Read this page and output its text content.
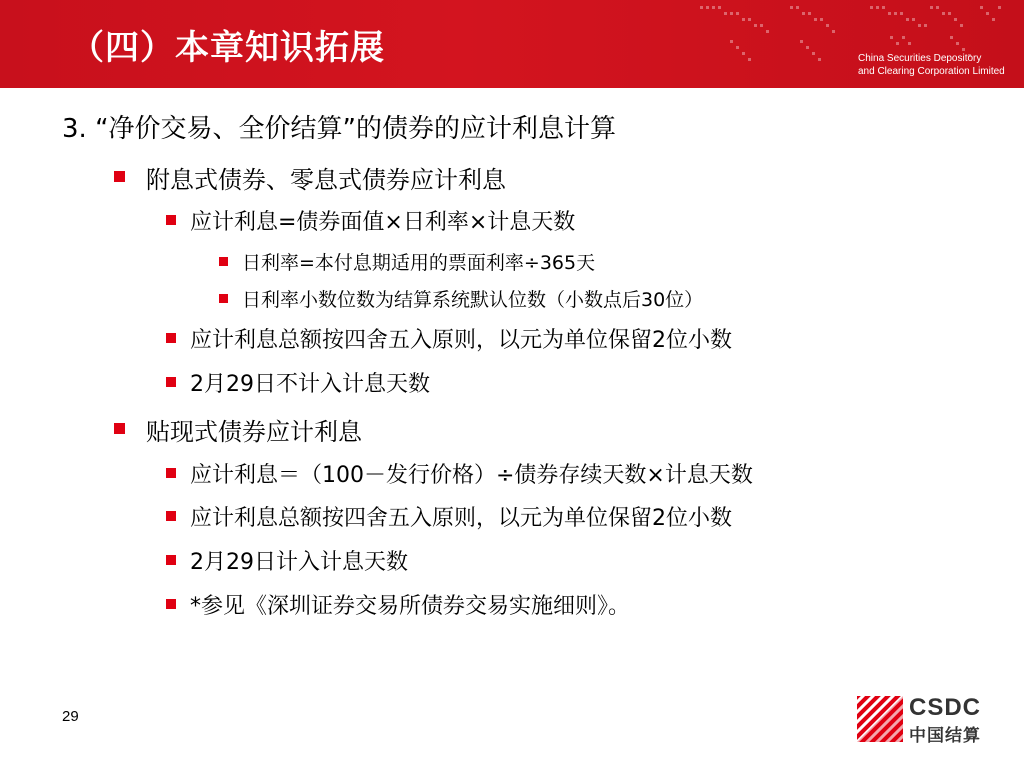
（四）本章知识拓展	China Securities Depository
and Clearing Corporation Limited
3. “净价交易、全价结算”的债券的应计利息计算
附息式债券、零息式债券应计利息
应计利息=债券面值×日利率×计息天数
日利率=本付息期适用的票面利率÷365天
日利率小数位数为结算系统默认位数（小数点后30位）
应计利息总额按四舍五入原则，以元为单位保留2位小数
2月29日不计入计息天数
贴现式债券应计利息
应计利息＝（100－发行价格）÷债券存续天数×计息天数
应计利息总额按四舍五入原则，以元为单位保留2位小数
2月29日计入计息天数
*参见《深圳证券交易所债券交易实施细则》。
29	CSDC
中国结算
